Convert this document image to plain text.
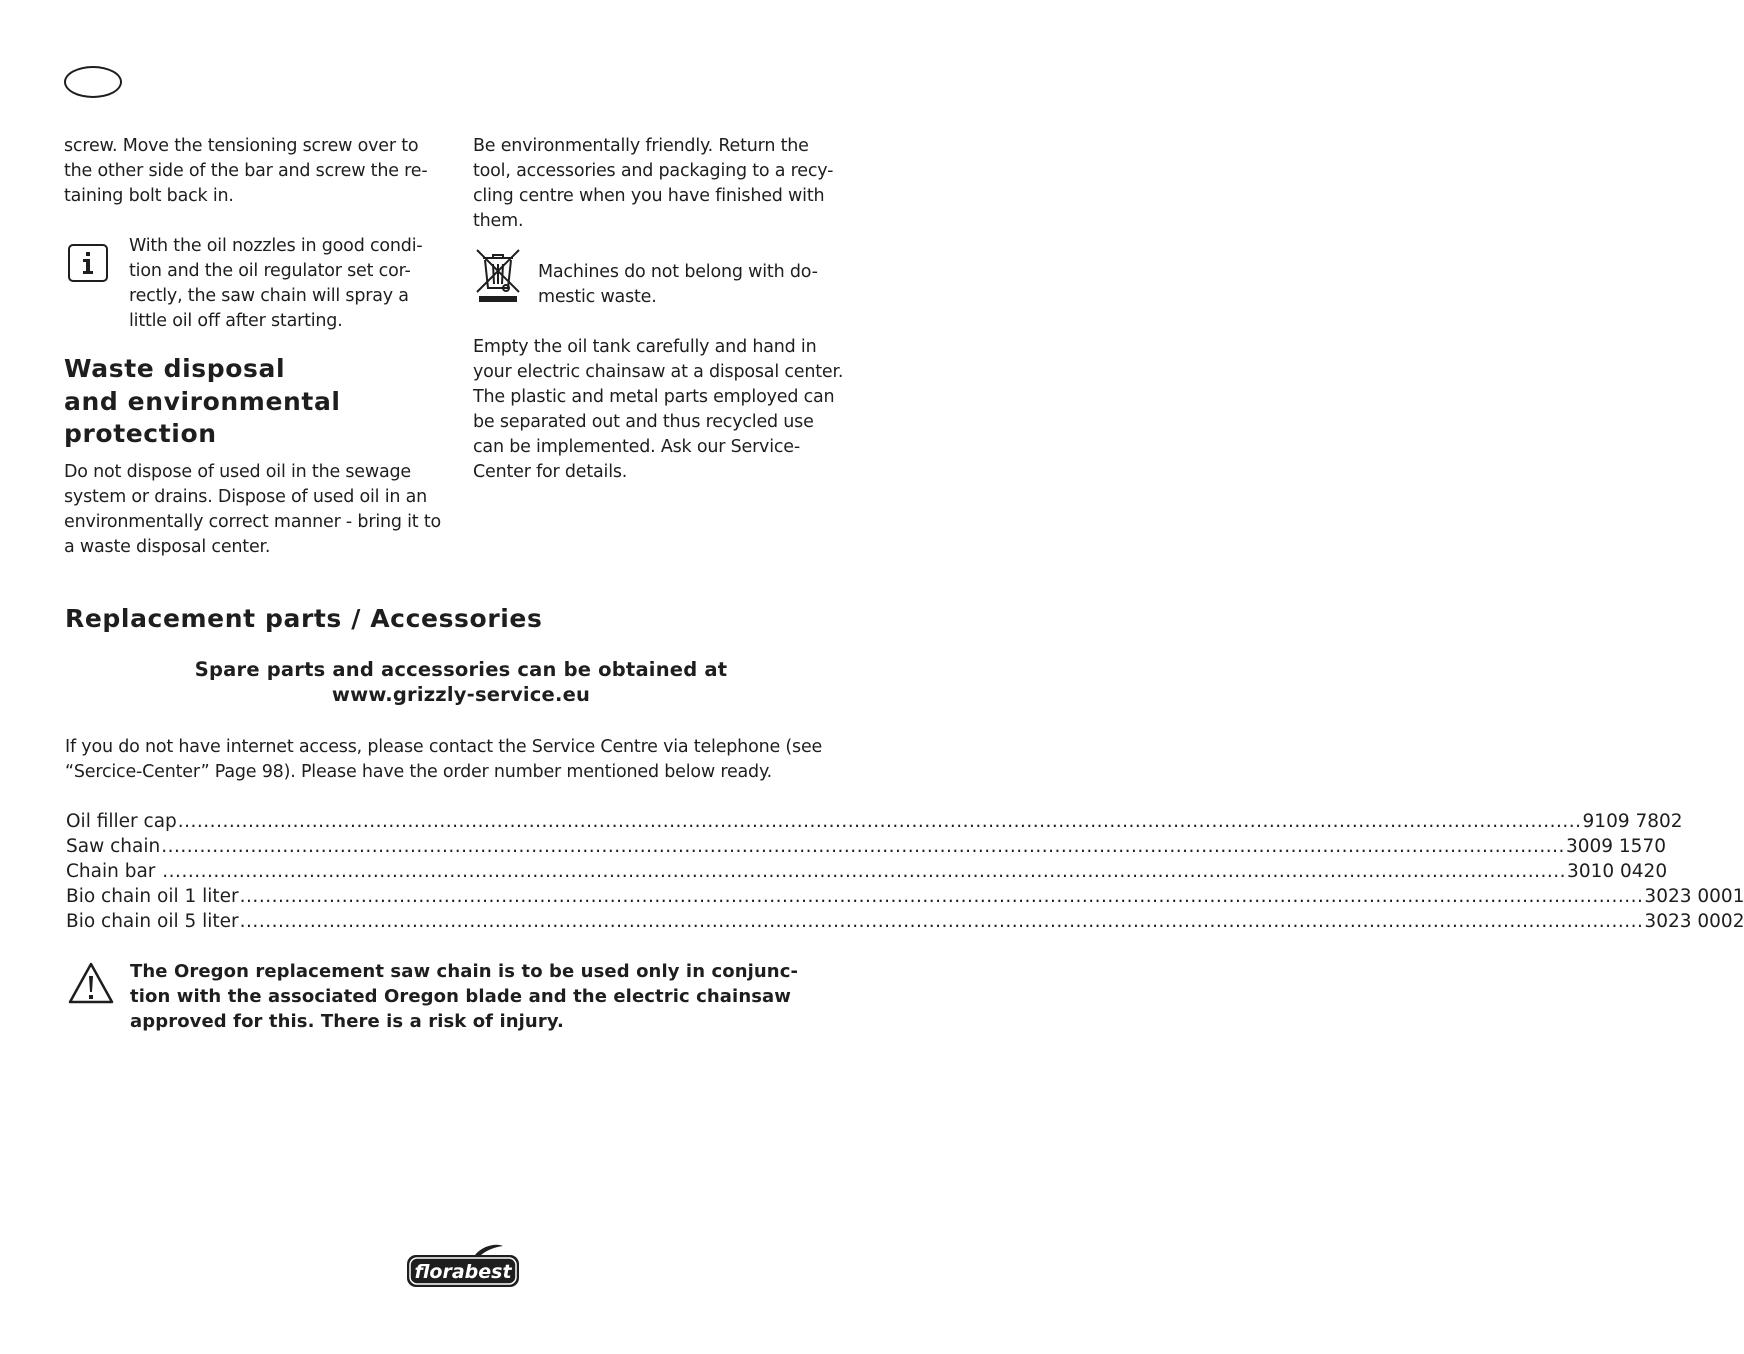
screw. Move the tensioning screw over to
the other side of the bar and screw the re-
taining bolt back in.

With the oil nozzles in good condi-
tion and the oil regulator set cor-
rectly, the saw chain will spray a
little oil off after starting.

Waste disposal
and environmental
protection

Do not dispose of used oil in the sewage
system or drains. Dispose of used oil in an
environmentally correct manner - bring it to
a waste disposal center.

Be environmentally friendly. Return the
tool, accessories and packaging to a recy-
cling centre when you have finished with
them.

Machines do not belong with do-
mestic waste.

Empty the oil tank carefully and hand in
your electric chainsaw at a disposal center.
The plastic and metal parts employed can
be separated out and thus recycled use
can be implemented. Ask our Service-
Center for details.

Replacement parts / Accessories

Spare parts and accessories can be obtained at
www.grizzly-service.eu

If you do not have internet access, please contact the Service Centre via telephone (see
“Sercice-Center” Page 98). Please have the order number mentioned below ready.

Oil filler cap ............................................................................................................................................................................................................................ 9109 7802
Saw chain ............................................................................................................................................................................................................................ 3009 1570
Chain bar ............................................................................................................................................................................................................................ 3010 0420
Bio chain oil 1 liter ............................................................................................................................................................................................................................ 3023 0001
Bio chain oil 5 liter ............................................................................................................................................................................................................................ 3023 0002

The Oregon replacement saw chain is to be used only in conjunc-
tion with the associated Oregon blade and the electric chainsaw
approved for this. There is a risk of injury.

florabest
